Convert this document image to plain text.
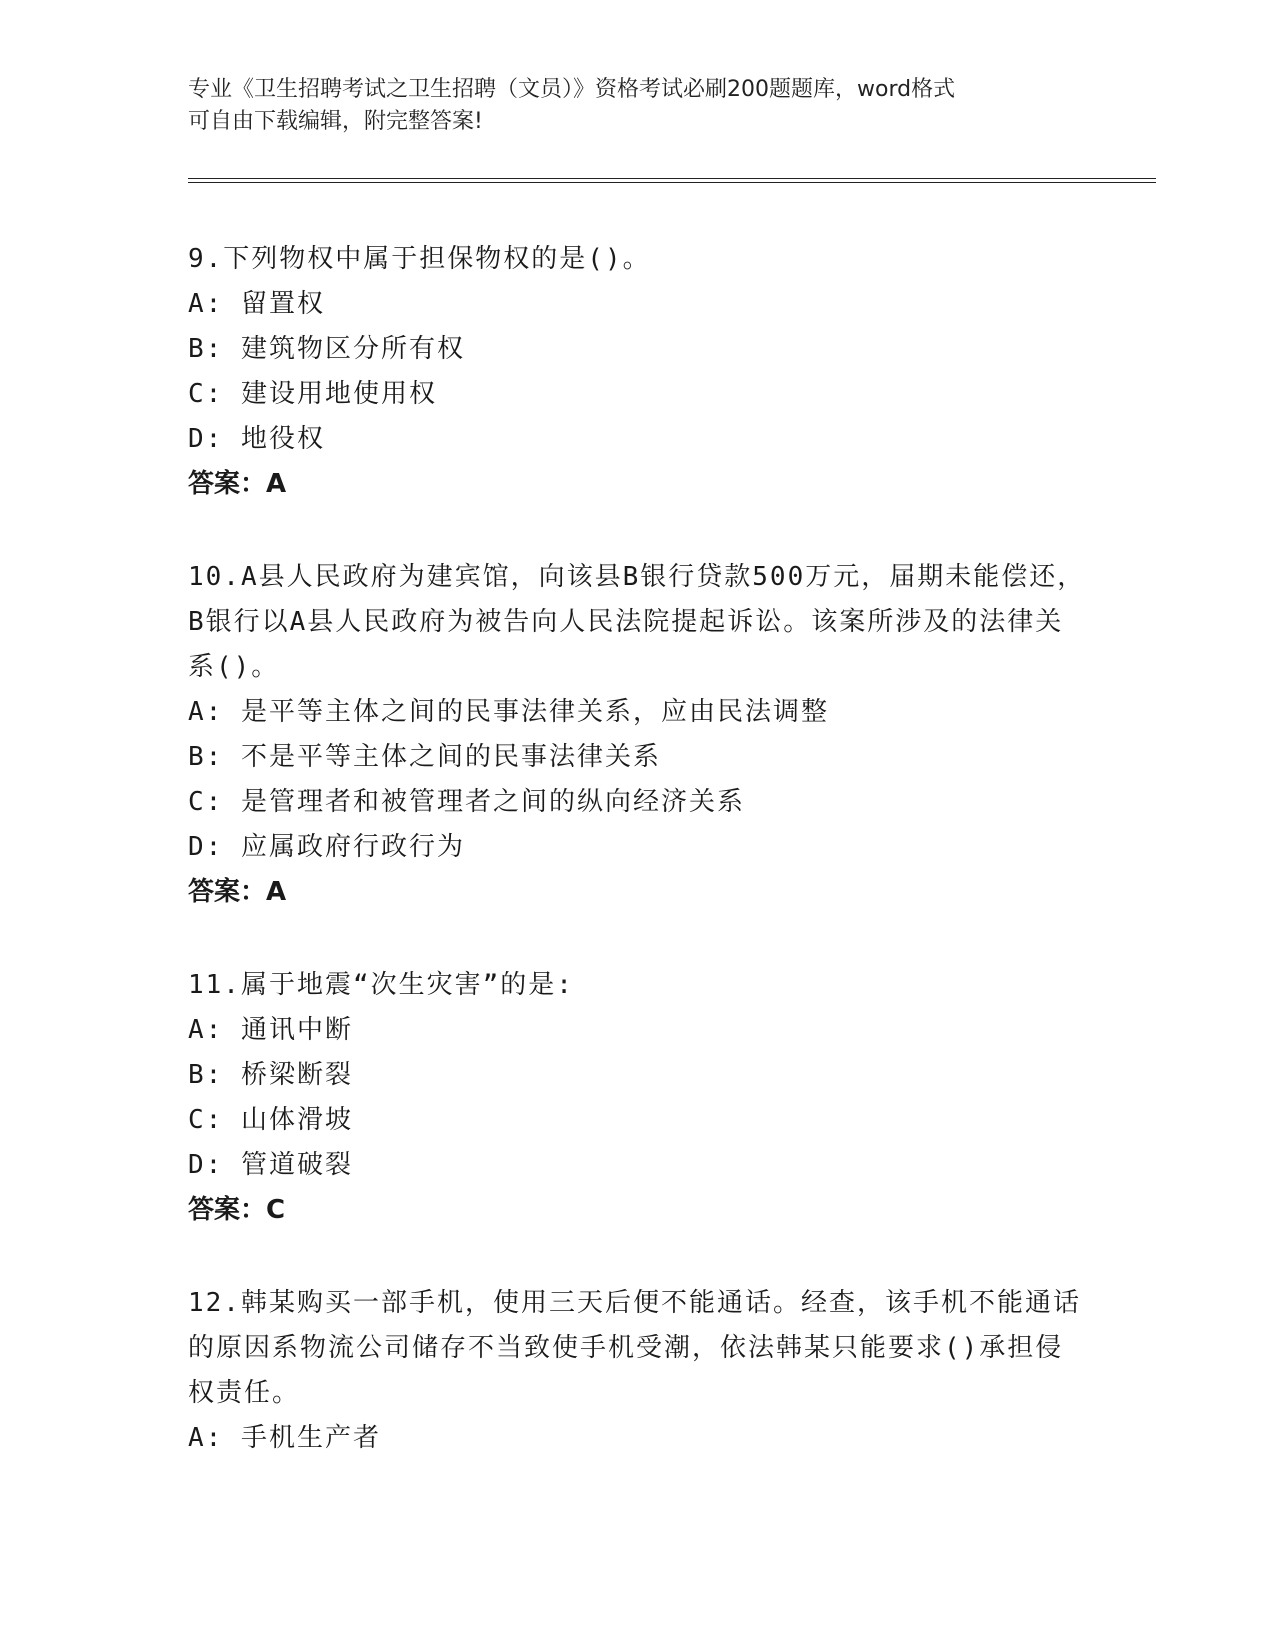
专业《卫生招聘考试之卫生招聘（文员）》资格考试必刷200题题库，word格式
可自由下载编辑，附完整答案!

9.下列物权中属于担保物权的是()。

A: 留置权

B: 建筑物区分所有权

C: 建设用地使用权

D: 地役权

答案：A

10.A县人民政府为建宾馆，向该县B银行贷款500万元，届期未能偿还，B银行以A县人民政府为被告向人民法院提起诉讼。该案所涉及的法律关系()。

A: 是平等主体之间的民事法律关系，应由民法调整

B: 不是平等主体之间的民事法律关系

C: 是管理者和被管理者之间的纵向经济关系

D: 应属政府行政行为

答案：A

11.属于地震“次生灾害”的是:

A: 通讯中断

B: 桥梁断裂

C: 山体滑坡

D: 管道破裂

答案：C

12.韩某购买一部手机，使用三天后便不能通话。经查，该手机不能通话的原因系物流公司储存不当致使手机受潮，依法韩某只能要求()承担侵权责任。

A: 手机生产者
